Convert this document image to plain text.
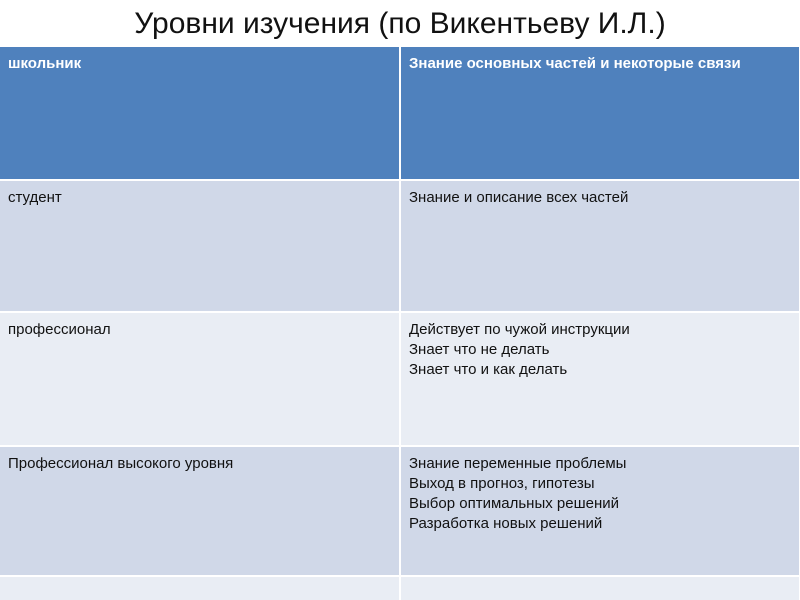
Уровни изучения (по Викентьеву И.Л.)
школьник	Знание основных частей и некоторые связи
студент	Знание и описание всех частей

профессионал	Действует по чужой инструкции
Знает что не делать
Знает что и как делать

Профессионал высокого уровня	Знание переменные проблемы
Выход в прогноз, гипотезы
Выбор оптимальных решений
Разработка новых решений
